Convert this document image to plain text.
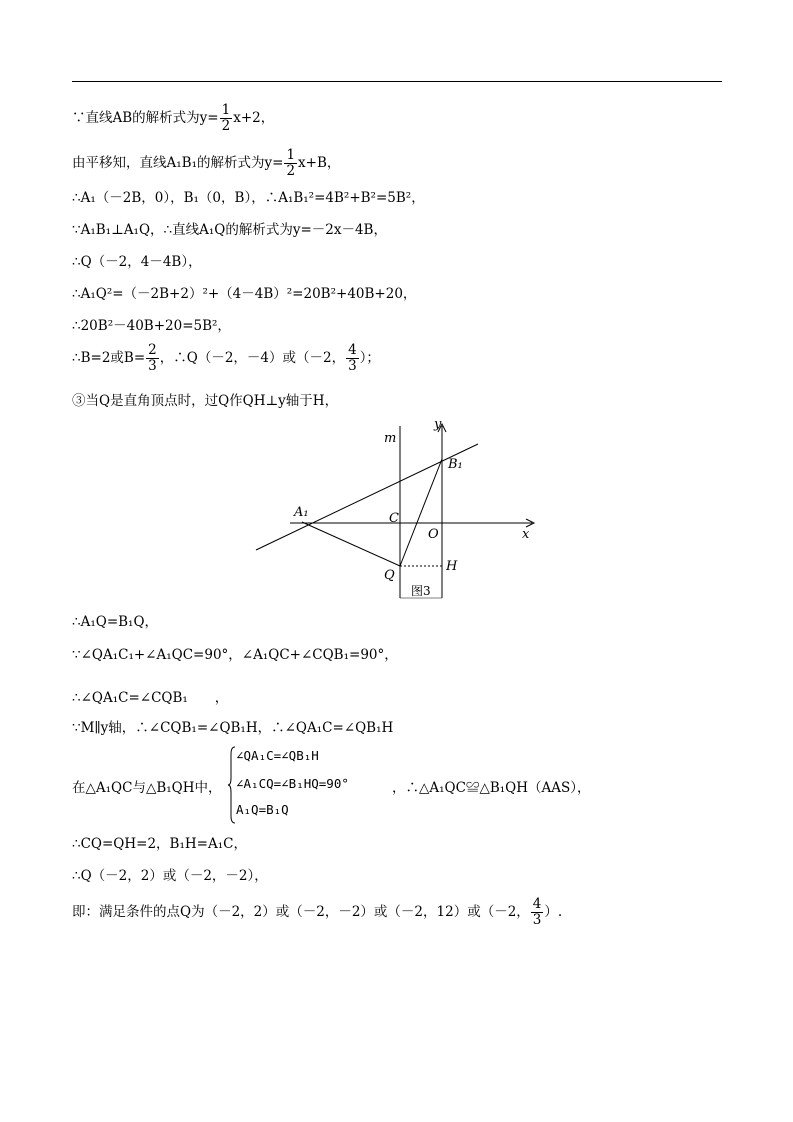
∵直线AB的解析式为$y= \frac{1}{2} x+2$，
由平移知，直线A₁B₁的解析式为$y= \frac{1}{2} x+B$，
∴A₁（－2B，0），B₁（0，B），∴A₁B₁²=4B²+B²=5B²，
∵A₁B₁⊥A₁Q，∴直线A₁Q的解析式为y=－2x－4B，
∴Q（－2，4－4B），
∴A₁Q²=（－2B+2）²+（4－4B）²=20B²+40B+20，
∴20B²－40B+20=5B²，
∴B=2或$B= \frac{2}{3}$ ，∴Q（－2，－4）或（－2， $\frac{4}{3}$ ）；
③当Q是直角顶点时，过Q作QH⊥y轴于H，
y
m
B₁
A₁	C
O	x
Q
H
图3
∴A₁Q=B₁Q，
∵∠QA₁C₁+∠A₁QC=90°，∠A₁QC+∠CQB₁=90°，
∴∠QA₁C=∠CQB₁　　，
∵M∥y轴，∴∠CQB₁=∠QB₁H，∴∠QA₁C=∠QB₁H
在△A₁QC与△B₁QH中，
∠QA₁C=∠QB₁H
∠A₁CQ=∠B₁HQ=90°
A₁Q=B₁Q
，∴△A₁QC≌△B₁QH（AAS），
∴CQ=QH=2，B₁H=A₁C，
∴Q（－2，2）或（－2，－2），
即：满足条件的点Q为（－2，2）或（－2，－2）或（－2，12）或（－2， $\frac{4}{3}$ ）.
